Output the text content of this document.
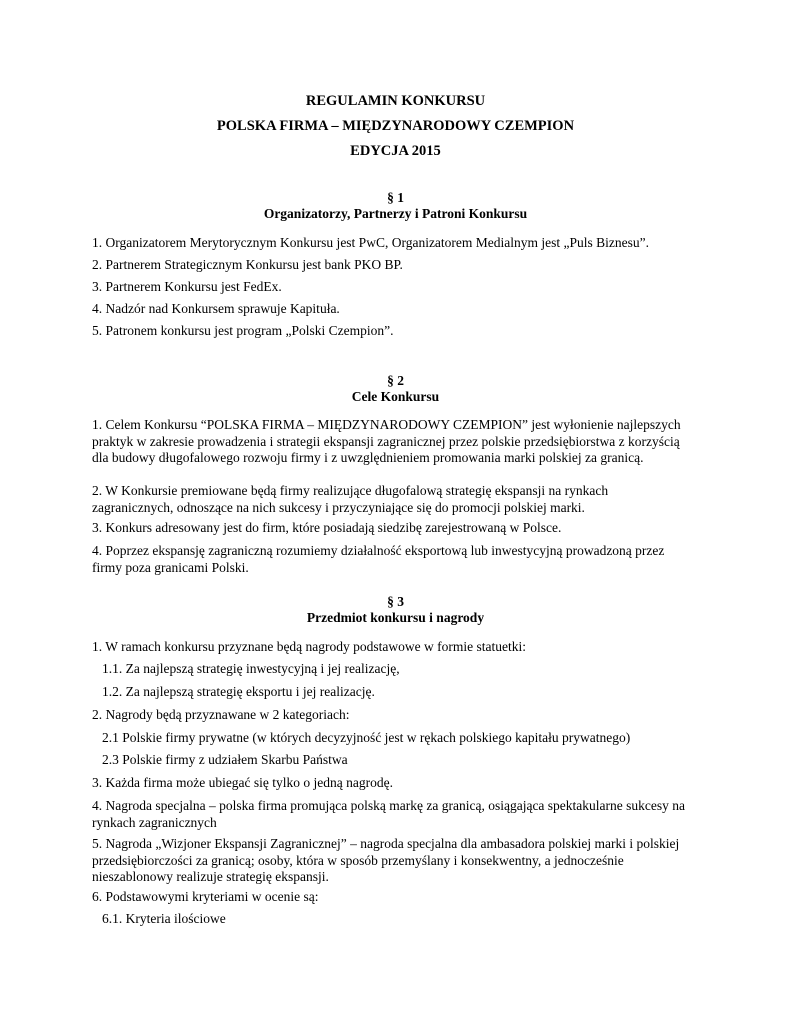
REGULAMIN KONKURSU
POLSKA FIRMA – MIĘDZYNARODOWY CZEMPION
EDYCJA 2015
§ 1
Organizatorzy, Partnerzy i Patroni Konkursu
1. Organizatorem Merytorycznym Konkursu jest PwC, Organizatorem Medialnym jest „Puls Biznesu”.
2. Partnerem Strategicznym Konkursu jest bank PKO BP.
3. Partnerem Konkursu jest FedEx.
4. Nadzór nad Konkursem sprawuje Kapituła.
5. Patronem konkursu jest program „Polski Czempion”.
§ 2
Cele Konkursu
1. Celem Konkursu “POLSKA FIRMA – MIĘDZYNARODOWY CZEMPION” jest wyłonienie najlepszych praktyk w zakresie prowadzenia i strategii ekspansji zagranicznej przez polskie przedsiębiorstwa z korzyścią dla budowy długofalowego rozwoju firmy i z uwzględnieniem promowania marki polskiej za granicą.
2. W Konkursie premiowane będą firmy realizujące długofalową strategię ekspansji na rynkach zagranicznych, odnoszące na nich sukcesy i przyczyniające się do promocji polskiej marki.
3. Konkurs adresowany jest do firm, które posiadają siedzibę zarejestrowaną w Polsce.
4. Poprzez ekspansję zagraniczną rozumiemy działalność eksportową lub inwestycyjną prowadzoną przez firmy poza granicami Polski.
§ 3
Przedmiot konkursu i nagrody
1. W ramach konkursu przyznane będą nagrody podstawowe w formie statuetki:
1.1. Za najlepszą strategię inwestycyjną i jej realizację,
1.2. Za najlepszą strategię eksportu i jej realizację.
2. Nagrody będą przyznawane w 2 kategoriach:
2.1 Polskie firmy prywatne (w których decyzyjność jest w rękach polskiego kapitału prywatnego)
2.3 Polskie firmy z udziałem Skarbu Państwa
3. Każda firma może ubiegać się tylko o jedną nagrodę.
4. Nagroda specjalna – polska firma promująca polską markę za granicą, osiągająca spektakularne sukcesy na rynkach zagranicznych
5. Nagroda „Wizjoner Ekspansji Zagranicznej” – nagroda specjalna dla ambasadora polskiej marki i polskiej przedsiębiorczości za granicą; osoby, która w sposób przemyślany i konsekwentny, a jednocześnie nieszablonowy realizuje strategię ekspansji.
6. Podstawowymi kryteriami w ocenie są:
6.1. Kryteria ilościowe
